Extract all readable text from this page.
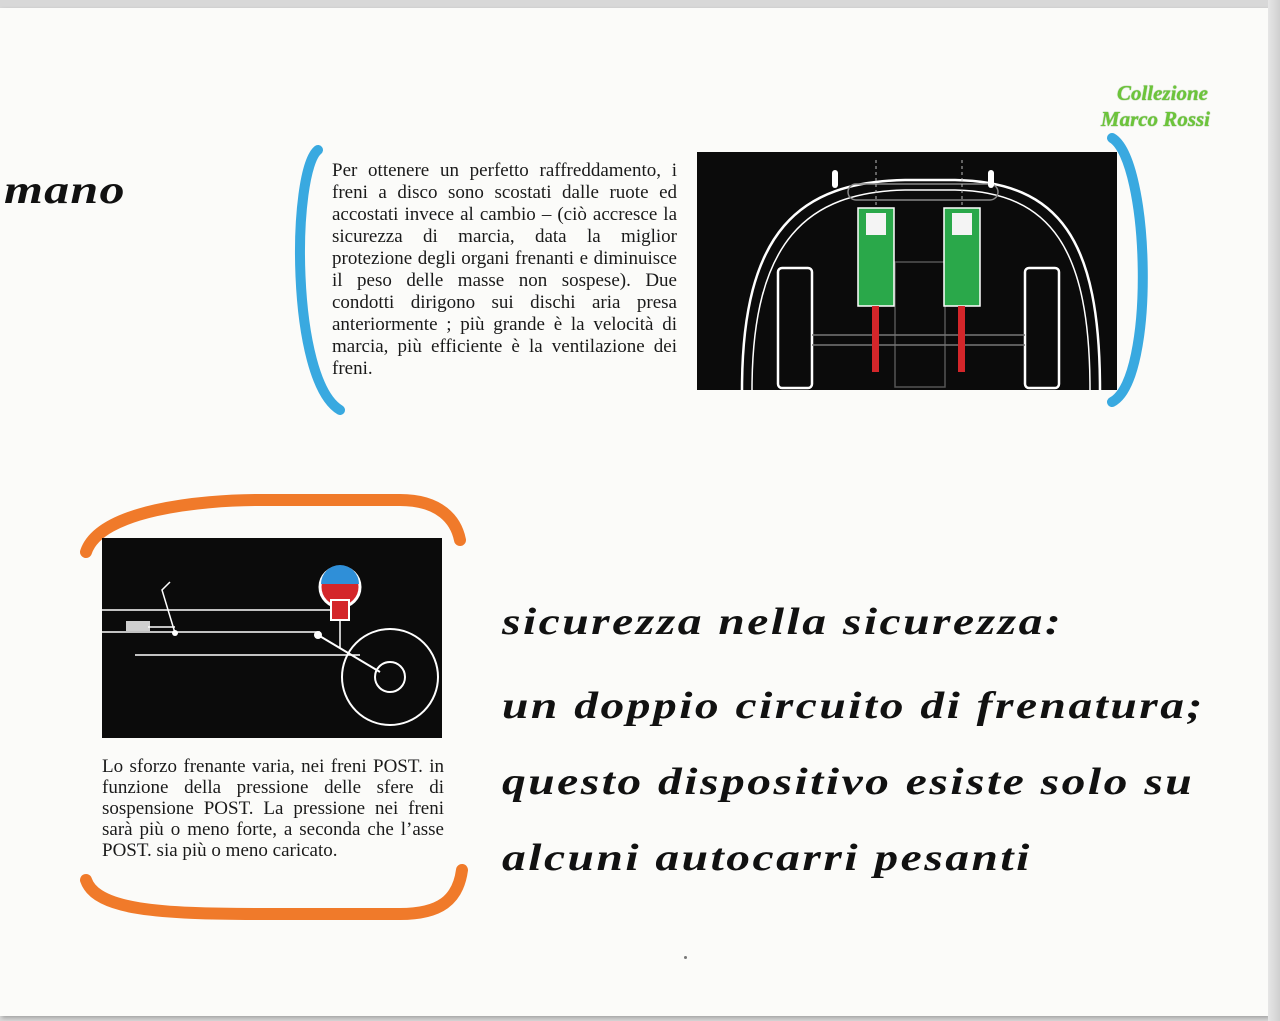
Collezione
Marco Rossi
mano	Per ottenere un perfetto raffreddamento, i freni a disco sono scostati dalle ruote ed accostati invece al cambio – (ciò accresce la sicurezza di marcia, data la miglior protezione degli organi frenanti e diminuisce il peso delle masse non sospese). Due condotti dirigono sui dischi aria presa anteriormente ; più grande è la velocità di marcia, più efficiente è la ventilazione dei freni.
Lo sforzo frenante varia, nei freni POST. in funzione della pressione delle sfere di sospensione POST. La pressione nei freni sarà più o meno forte, a seconda che l’asse POST. sia più o meno caricato.
sicurezza nella sicurezza:
un doppio circuito di frenatura;
questo dispositivo esiste solo su
alcuni autocarri pesanti
